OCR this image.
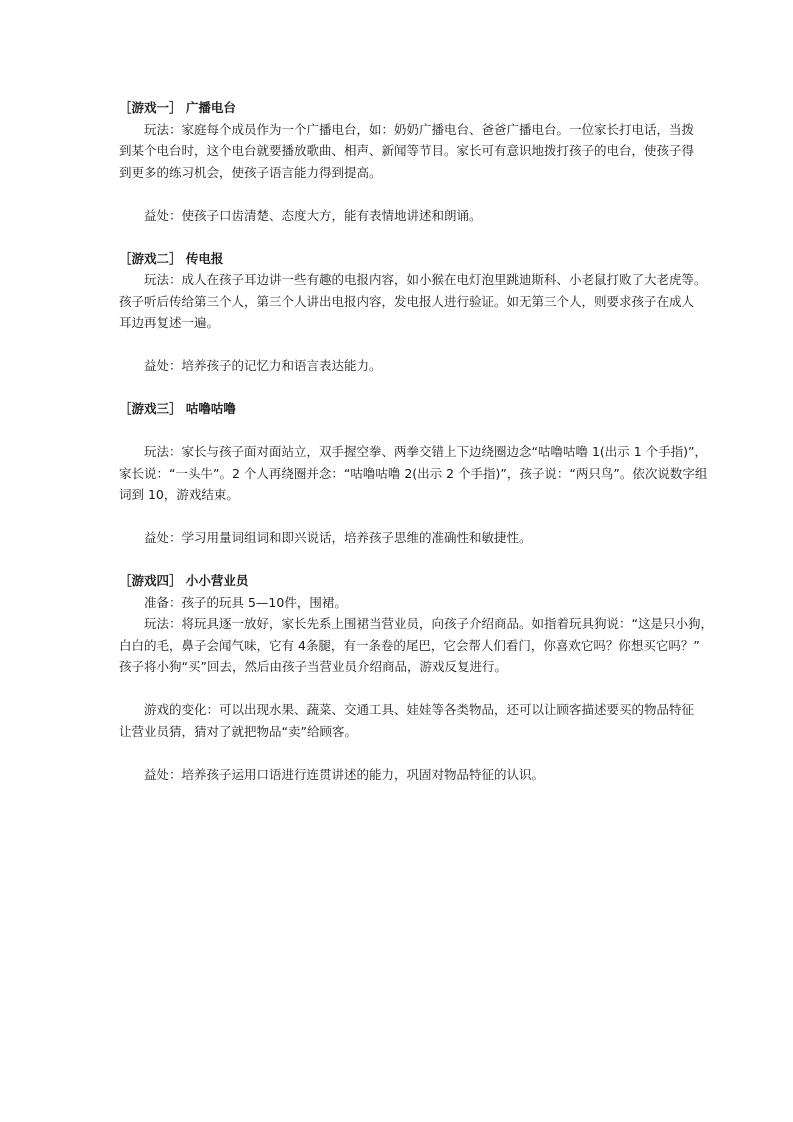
［游戏一］ 广播电台

玩法：家庭每个成员作为一个广播电台，如：奶奶广播电台、爸爸广播电台。一位家长打电话，当拨
到某个电台时，这个电台就要播放歌曲、相声、新闻等节目。家长可有意识地拨打孩子的电台，使孩子得
到更多的练习机会，使孩子语言能力得到提高。
益处：使孩子口齿清楚、态度大方，能有表情地讲述和朗诵。

［游戏二］ 传电报

玩法：成人在孩子耳边讲一些有趣的电报内容，如小猴在电灯泡里跳迪斯科、小老鼠打败了大老虎等。
孩子听后传给第三个人，第三个人讲出电报内容，发电报人进行验证。如无第三个人，则要求孩子在成人
耳边再复述一遍。
益处：培养孩子的记忆力和语言表达能力。

［游戏三］ 咕噜咕噜

玩法：家长与孩子面对面站立，双手握空拳、两拳交错上下边绕圈边念“咕噜咕噜 1(出示 1 个手指)”，
家长说：“一头牛”。2 个人再绕圈并念：“咕噜咕噜 2(出示 2 个手指)”，孩子说：“两只鸟”。依次说数字组
词到 10，游戏结束。
益处：学习用量词组词和即兴说话，培养孩子思维的准确性和敏捷性。

［游戏四］ 小小营业员

准备：孩子的玩具 5—10件，围裙。
玩法：将玩具逐一放好，家长先系上围裙当营业员，向孩子介绍商品。如指着玩具狗说：“这是只小狗，
白白的毛，鼻子会闻气味，它有 4条腿，有一条卷的尾巴，它会帮人们看门，你喜欢它吗？你想买它吗？”
孩子将小狗“买”回去，然后由孩子当营业员介绍商品，游戏反复进行。
游戏的变化：可以出现水果、蔬菜、交通工具、娃娃等各类物品，还可以让顾客描述要买的物品特征
让营业员猜，猜对了就把物品“卖”给顾客。
益处：培养孩子运用口语进行连贯讲述的能力，巩固对物品特征的认识。
